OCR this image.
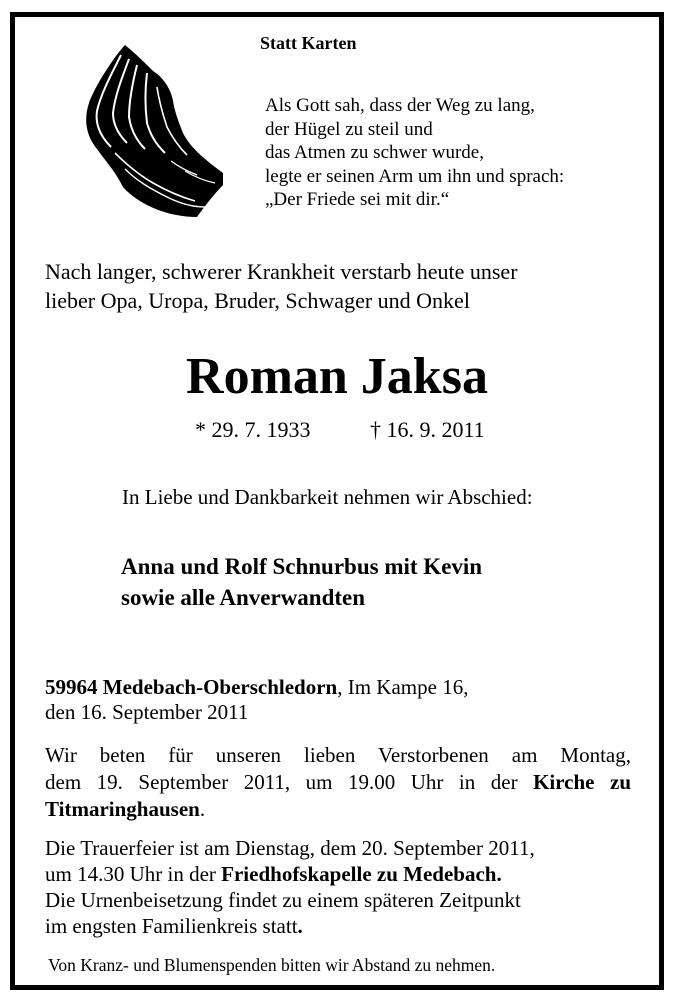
Statt Karten
Als Gott sah, dass der Weg zu lang,
der Hügel zu steil und
das Atmen zu schwer wurde,
legte er seinen Arm um ihn und sprach:
„Der Friede sei mit dir.“
Nach langer, schwerer Krankheit verstarb heute unser
lieber Opa, Uropa, Bruder, Schwager und Onkel
Roman Jaksa
* 29. 7. 1933	† 16. 9. 2011
In Liebe und Dankbarkeit nehmen wir Abschied:
Anna und Rolf Schnurbus mit Kevin
sowie alle Anverwandten
59964 Medebach-Oberschledorn, Im Kampe 16,
den 16. September 2011
Wir beten für unseren lieben Verstorbenen am Montag,
dem 19. September 2011, um 19.00 Uhr in der Kirche zu
Titmaringhausen.
Die Trauerfeier ist am Dienstag, dem 20. September 2011,
um 14.30 Uhr in der Friedhofskapelle zu Medebach.
Die Urnenbeisetzung findet zu einem späteren Zeitpunkt
im engsten Familienkreis statt.
Von Kranz- und Blumenspenden bitten wir Abstand zu nehmen.
